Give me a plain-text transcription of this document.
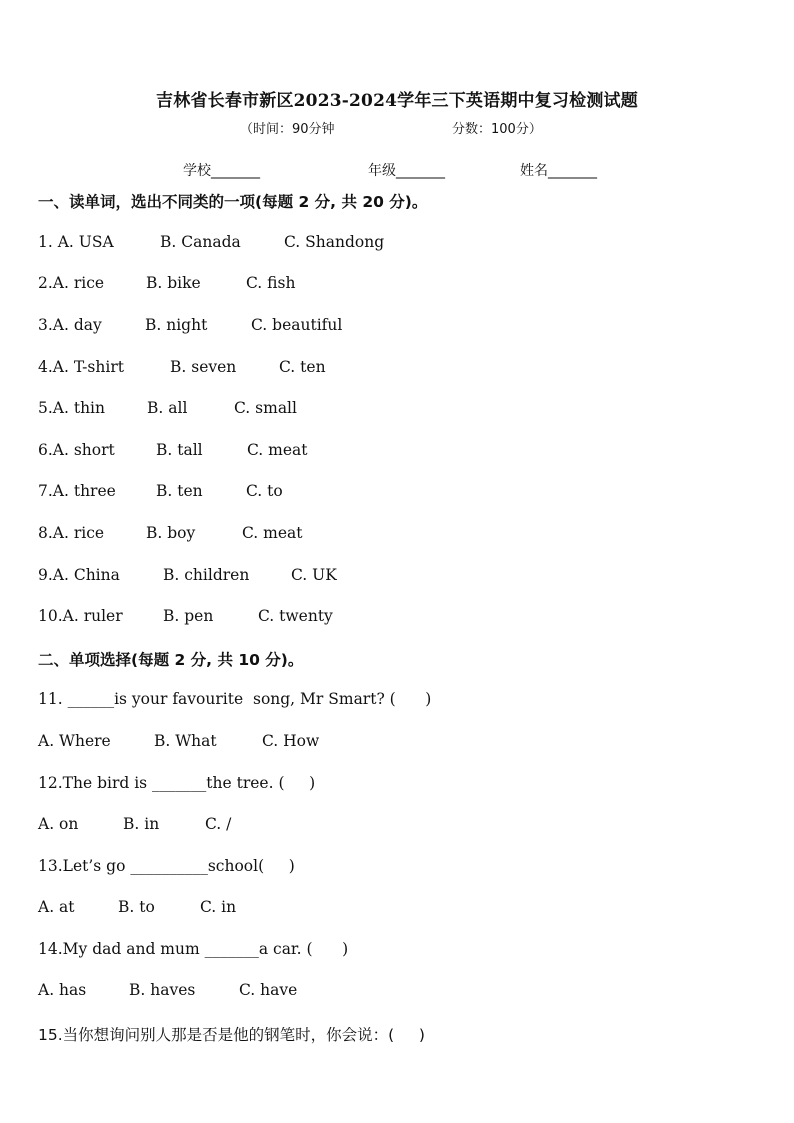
吉林省长春市新区2023-2024学年三下英语期中复习检测试题
（时间：90分钟	分数：100分）
学校_______	年级_______	姓名_______
一、读单词，选出不同类的一项(每题 2 分, 共 20 分)。
1. A. USA	B. Canada	C. Shandong
2.A. rice	B. bike	C. fish
3.A. day	B. night	C. beautiful
4.A. T-shirt	B. seven	C. ten
5.A. thin	B. all	C. small
6.A. short	B. tall	C. meat
7.A. three	B. ten	C. to
8.A. rice	B. boy	C. meat
9.A. China	B. children	C. UK
10.A. ruler	B. pen	C. twenty
二、单项选择(每题 2 分, 共 10 分)。
11. ______is your favourite  song, Mr Smart? (      )
A. Where	B. What	C. How
12.The bird is _______the tree. (     )
A. on	B. in	C. /
13.Let’s go __________school(     )
A. at	B. to	C. in
14.My dad and mum _______a car. (      )
A. has	B. haves	C. have
15.当你想询问别人那是否是他的钢笔时，你会说：(     )
